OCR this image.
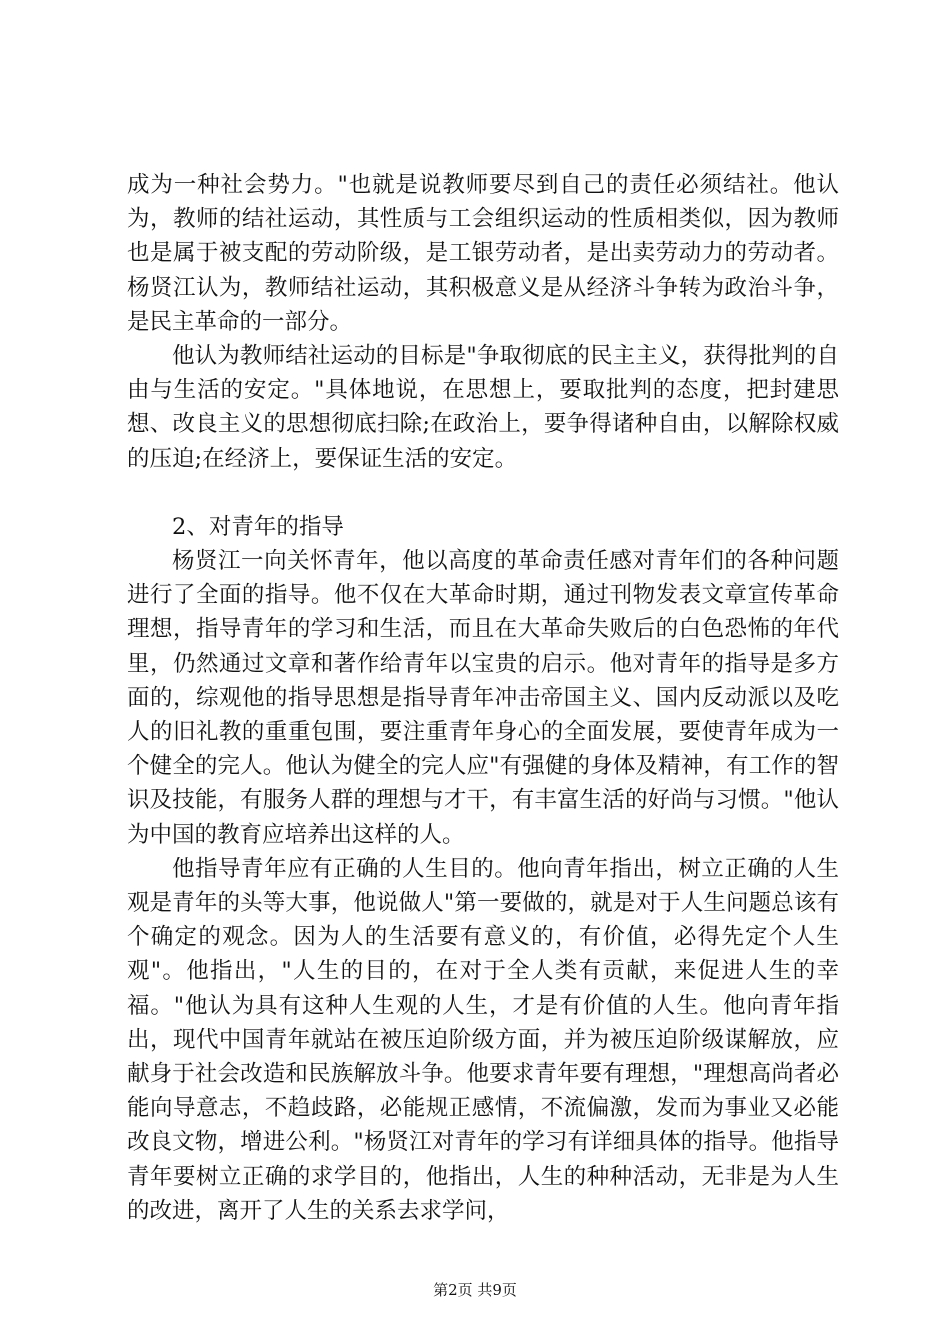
成为一种社会势力。"也就是说教师要尽到自己的责任必须结社。他认为，教师的结社运动，其性质与工会组织运动的性质相类似，因为教师也是属于被支配的劳动阶级，是工银劳动者，是出卖劳动力的劳动者。杨贤江认为，教师结社运动，其积极意义是从经济斗争转为政治斗争，是民主革命的一部分。

他认为教师结社运动的目标是"争取彻底的民主主义，获得批判的自由与生活的安定。"具体地说，在思想上，要取批判的态度，把封建思想、改良主义的思想彻底扫除;在政治上，要争得诸种自由，以解除权威的压迫;在经济上，要保证生活的安定。

2、对青年的指导

杨贤江一向关怀青年，他以高度的革命责任感对青年们的各种问题进行了全面的指导。他不仅在大革命时期，通过刊物发表文章宣传革命理想，指导青年的学习和生活，而且在大革命失败后的白色恐怖的年代里，仍然通过文章和著作给青年以宝贵的启示。他对青年的指导是多方面的，综观他的指导思想是指导青年冲击帝国主义、国内反动派以及吃人的旧礼教的重重包围，要注重青年身心的全面发展，要使青年成为一个健全的完人。他认为健全的完人应"有强健的身体及精神，有工作的智识及技能，有服务人群的理想与才干，有丰富生活的好尚与习惯。"他认为中国的教育应培养出这样的人。

他指导青年应有正确的人生目的。他向青年指出，树立正确的人生观是青年的头等大事，他说做人"第一要做的，就是对于人生问题总该有个确定的观念。因为人的生活要有意义的，有价值，必得先定个人生观"。他指出，"人生的目的，在对于全人类有贡献，来促进人生的幸福。"他认为具有这种人生观的人生，才是有价值的人生。他向青年指出，现代中国青年就站在被压迫阶级方面，并为被压迫阶级谋解放，应献身于社会改造和民族解放斗争。他要求青年要有理想，"理想高尚者必能向导意志，不趋歧路，必能规正感情，不流偏激，发而为事业又必能改良文物，增进公利。"杨贤江对青年的学习有详细具体的指导。他指导青年要树立正确的求学目的，他指出，人生的种种活动，无非是为人生的改进，离开了人生的关系去求学问，

第2页 共9页
